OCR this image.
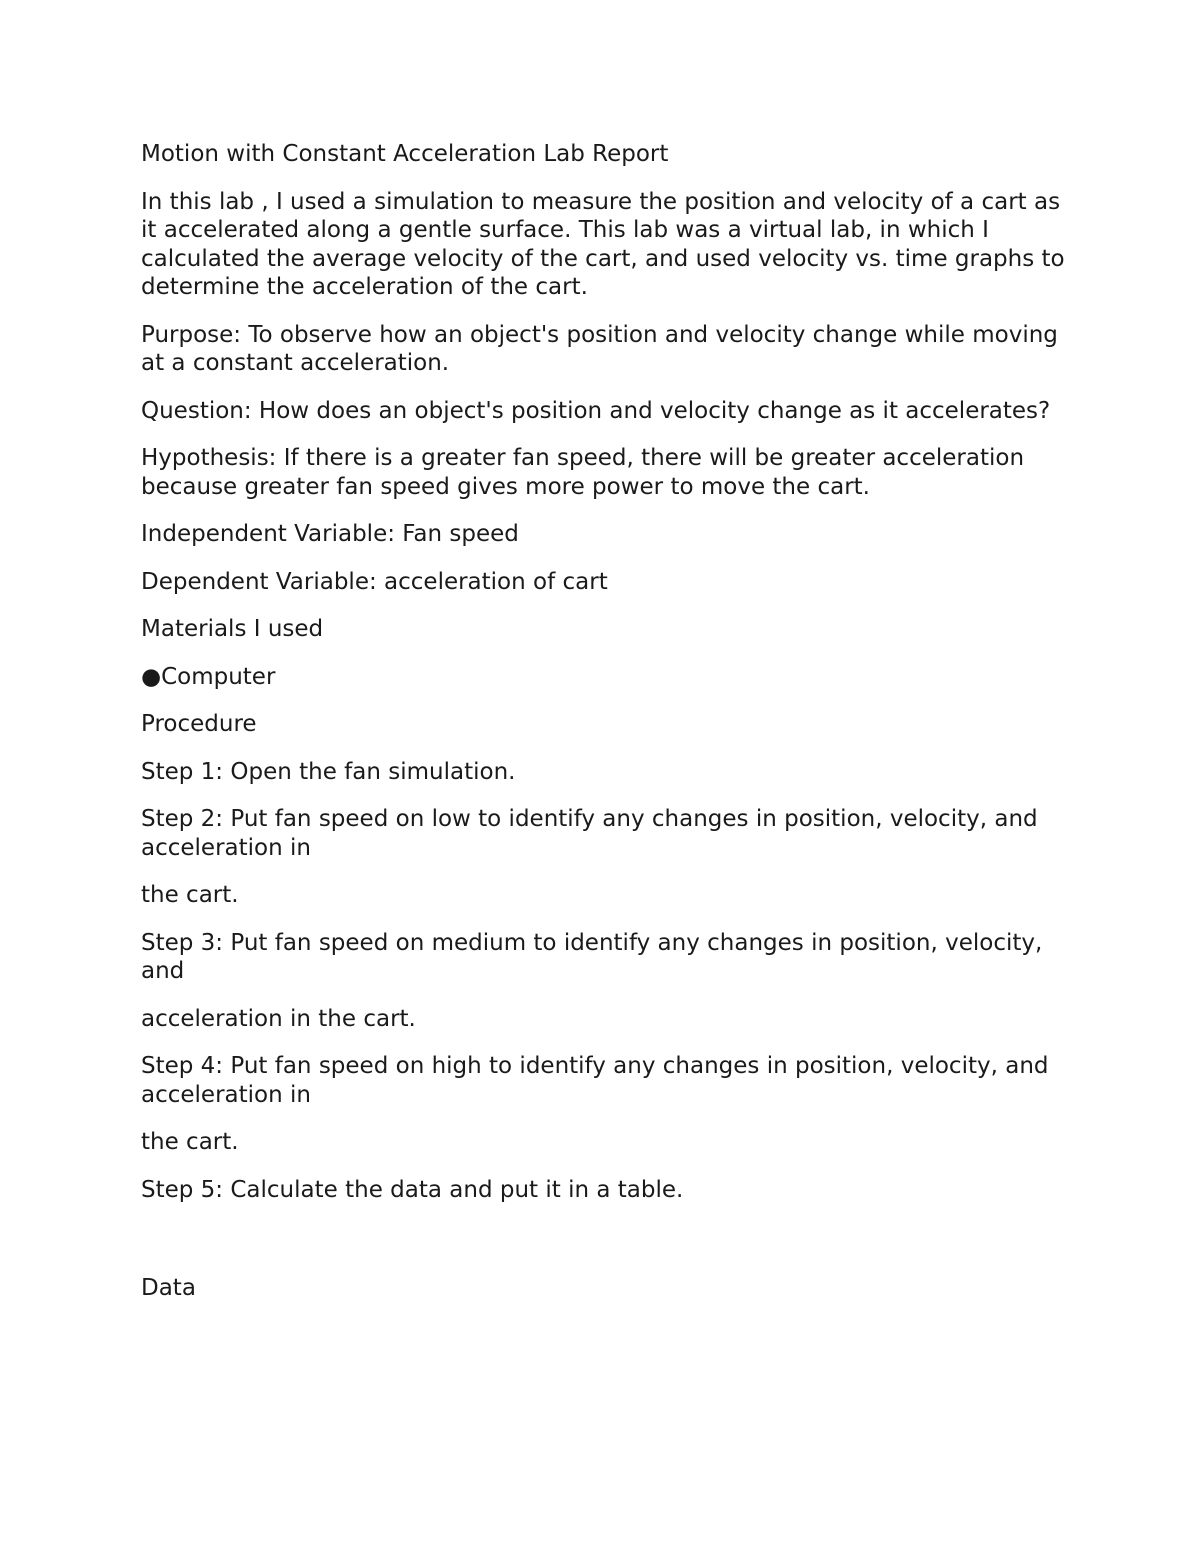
Motion with Constant Acceleration Lab Report

In this lab , I used a simulation to measure the position and velocity of a cart as it accelerated along a gentle surface. This lab was a virtual lab, in which I calculated the average velocity of the cart, and used velocity vs. time graphs to determine the acceleration of the cart.

Purpose: To observe how an object's position and velocity change while moving at a constant acceleration.

Question: How does an object's position and velocity change as it accelerates?

Hypothesis: If there is a greater fan speed, there will be greater acceleration because greater fan speed gives more power to move the cart.

Independent Variable: Fan speed

Dependent Variable: acceleration of cart

Materials I used

●Computer

Procedure

Step 1: Open the fan simulation.

Step 2: Put fan speed on low to identify any changes in position, velocity, and acceleration in

the cart.

Step 3: Put fan speed on medium to identify any changes in position, velocity, and

acceleration in the cart.

Step 4: Put fan speed on high to identify any changes in position, velocity, and acceleration in

the cart.

Step 5: Calculate the data and put it in a table.

Data
